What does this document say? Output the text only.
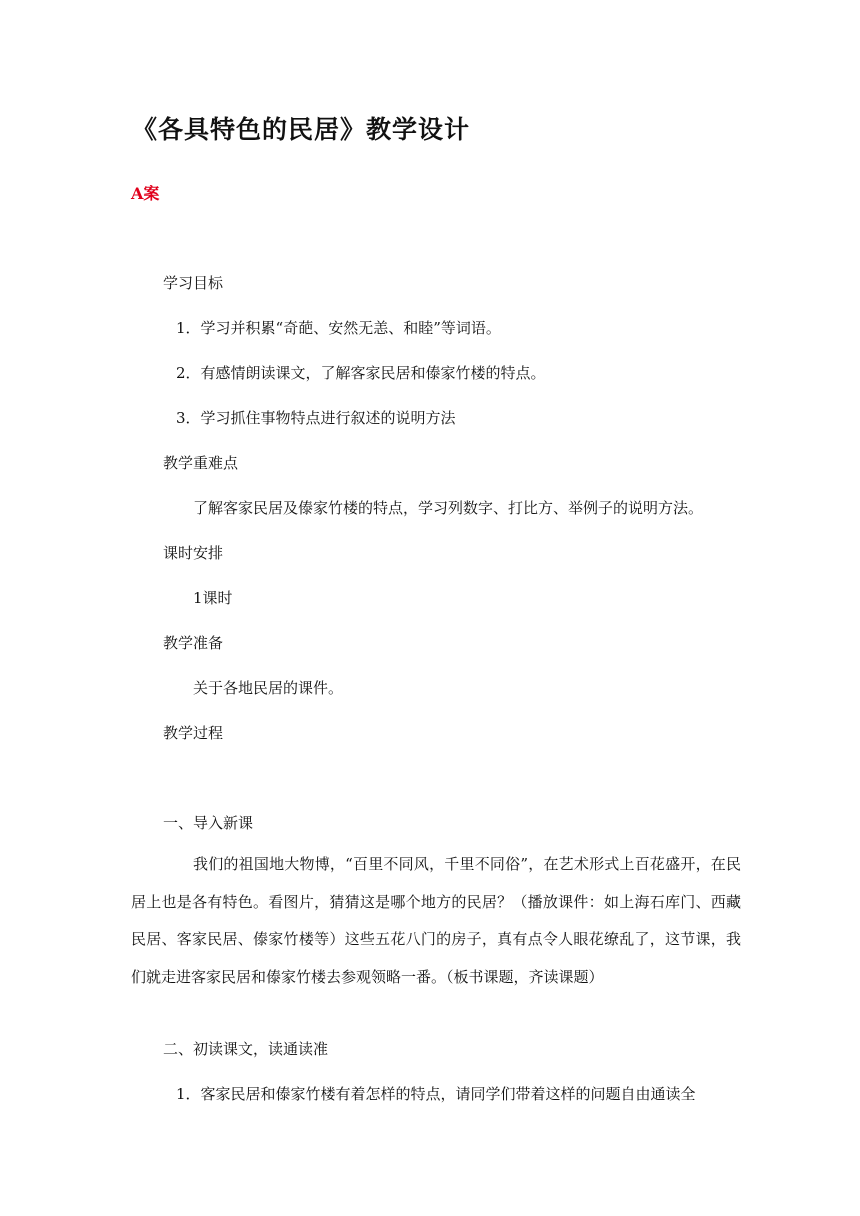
《各具特色的民居》教学设计
A案
学习目标
1．学习并积累“奇葩、安然无恙、和睦”等词语。
2．有感情朗读课文，了解客家民居和傣家竹楼的特点。
3．学习抓住事物特点进行叙述的说明方法
教学重难点
了解客家民居及傣家竹楼的特点，学习列数字、打比方、举例子的说明方法。
课时安排
1课时
教学准备
关于各地民居的课件。
教学过程
一、导入新课
我们的祖国地大物博，“百里不同风，千里不同俗”，在艺术形式上百花盛开，在民居上也是各有特色。看图片，猜猜这是哪个地方的民居？（播放课件：如上海石库门、西藏民居、客家民居、傣家竹楼等）这些五花八门的房子，真有点令人眼花缭乱了，这节课，我们就走进客家民居和傣家竹楼去参观领略一番。（板书课题，齐读课题）
二、初读课文，读通读准
1．客家民居和傣家竹楼有着怎样的特点，请同学们带着这样的问题自由通读全
